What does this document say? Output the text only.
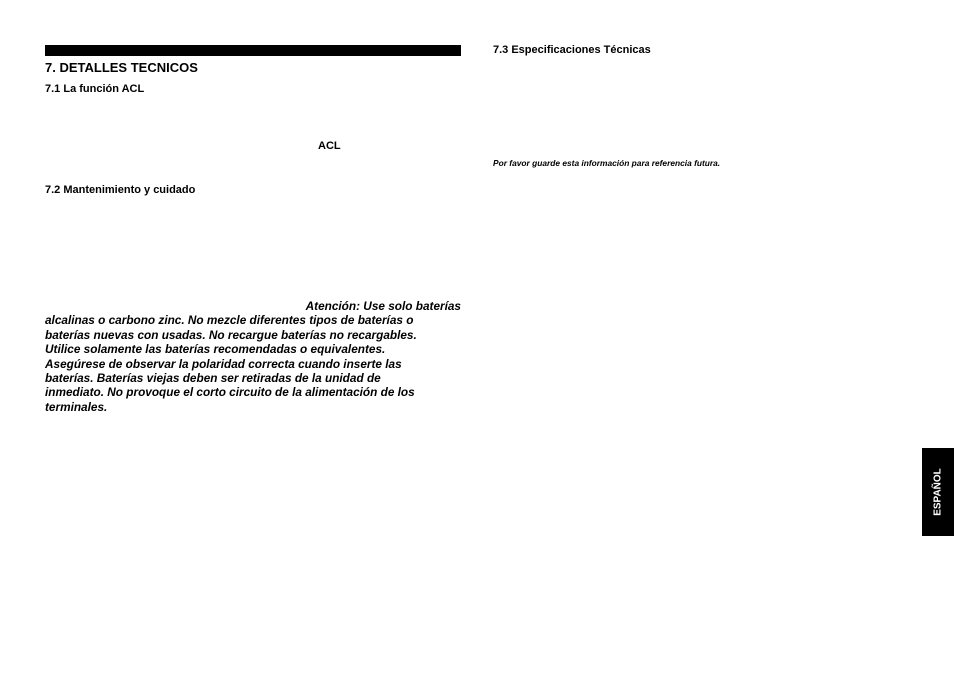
7. DETALLES TECNICOS
7.1 La función ACL
ACL
7.2 Mantenimiento y cuidado
Atención: Use solo baterías
alcalinas o carbono zinc. No mezcle diferentes tipos de baterías o
baterías nuevas con usadas. No recargue baterías no recargables.
Utilice solamente las baterías recomendadas o equivalentes.
Asegúrese de observar la polaridad correcta cuando inserte las
baterías. Baterías viejas deben ser retiradas de la unidad de
inmediato. No provoque el corto circuito de la alimentación de los
terminales.
7.3 Especificaciones Técnicas
Por favor guarde esta información para referencia futura.
ESPAÑOL
